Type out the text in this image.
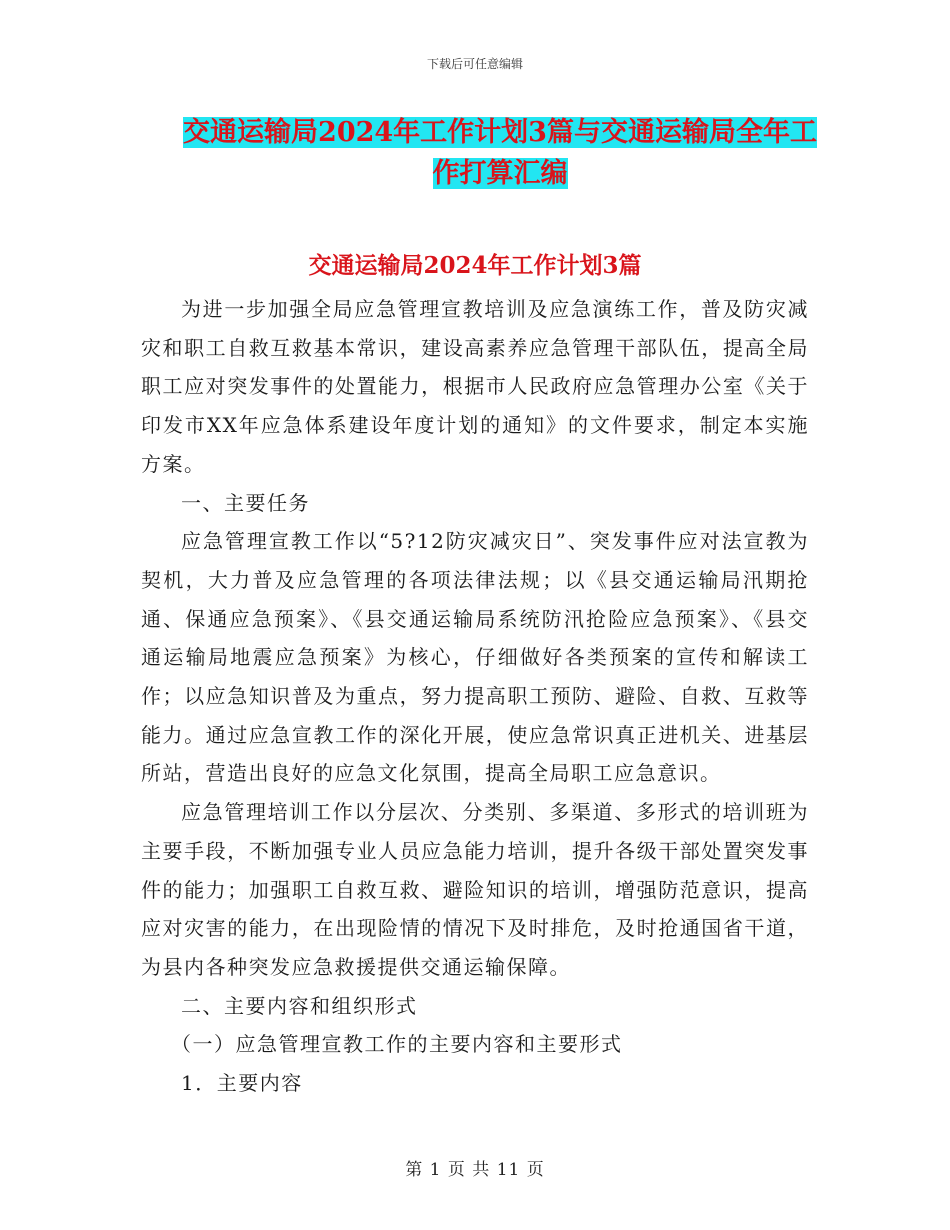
下载后可任意编辑
交通运输局2024年工作计划3篇与交通运输局全年工
作打算汇编
交通运输局2024年工作计划3篇

为进一步加强全局应急管理宣教培训及应急演练工作，普及防灾减灾和职工自救互救基本常识，建设高素养应急管理干部队伍，提高全局职工应对突发事件的处置能力，根据市人民政府应急管理办公室《关于印发市XX年应急体系建设年度计划的通知》的文件要求，制定本实施方案。

一、主要任务

应急管理宣教工作以“5?12防灾减灾日”、突发事件应对法宣教为契机，大力普及应急管理的各项法律法规；以《县交通运输局汛期抢通、保通应急预案》、《县交通运输局系统防汛抢险应急预案》、《县交通运输局地震应急预案》为核心，仔细做好各类预案的宣传和解读工作；以应急知识普及为重点，努力提高职工预防、避险、自救、互救等能力。通过应急宣教工作的深化开展，使应急常识真正进机关、进基层所站，营造出良好的应急文化氛围，提高全局职工应急意识。

应急管理培训工作以分层次、分类别、多渠道、多形式的培训班为主要手段，不断加强专业人员应急能力培训，提升各级干部处置突发事件的能力；加强职工自救互救、避险知识的培训，增强防范意识，提高应对灾害的能力，在出现险情的情况下及时排危，及时抢通国省干道，为县内各种突发应急救援提供交通运输保障。

二、主要内容和组织形式

（一）应急管理宣教工作的主要内容和主要形式

1．主要内容

第 1 页 共 11 页
